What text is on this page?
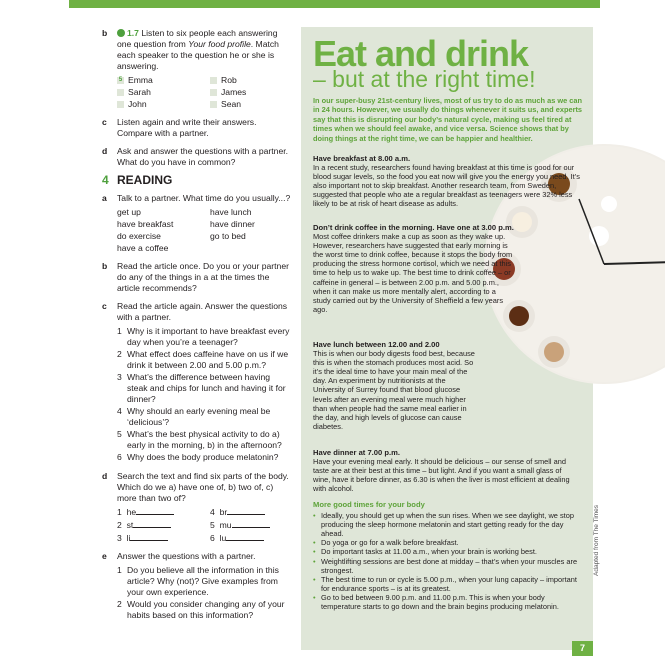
b	1.7 Listen to six people each answering one question from Your food profile. Match each speaker to the question he or she is answering.
5 Emma	Rob
Sarah	James
John	Sean
c	Listen again and write their answers. Compare with a partner.
d	Ask and answer the questions with a partner. What do you have in common?
4 READING
a	Talk to a partner. What time do you usually...?
get up	have lunch
have breakfast	have dinner
do exercise	go to bed
have a coffee
b	Read the article once. Do you or your partner do any of the things in a at the times the article recommends?
c	Read the article again. Answer the questions with a partner.
1 Why is it important to have breakfast every day when you’re a teenager?
2 What effect does caffeine have on us if we drink it between 2.00 and 5.00 p.m.?
3 What’s the difference between having steak and chips for lunch and having it for dinner?
4 Why should an early evening meal be ‘delicious’?
5 What’s the best physical activity to do a) early in the morning, b) in the afternoon?
6 Why does the body produce melatonin?
d	Search the text and find six parts of the body. Which do we a) have one of, b) two of, c) more than two of?
1 he	4 br
2 st	5 mu
3 li	6 lu
e	Answer the questions with a partner.
1 Do you believe all the information in this article? Why (not)? Give examples from your own experience.
2 Would you consider changing any of your habits based on this information?
Eat and drink
– but at the right time!
In our super-busy 21st-century lives, most of us try to do as much as we can in 24 hours. However, we usually do things whenever it suits us, and experts say that this is disrupting our body’s natural cycle, making us feel tired at times when we should feel awake, and vice versa. Science shows that by doing things at the right time, we can be happier and healthier.
Have breakfast at 8.00 a.m.

In a recent study, researchers found having breakfast at this time is good for our blood sugar levels, so the food you eat now will give you the energy you need. It’s also important not to skip breakfast. Another research team, from Sweden, suggested that people who ate a regular breakfast as teenagers were 32% less likely to be at risk of heart disease as adults.

Don’t drink coffee in the morning. Have one at 3.00 p.m.

Most coffee drinkers make a cup as soon as they wake up. However, researchers have suggested that early morning is the worst time to drink coffee, because it stops the body from producing the stress hormone cortisol, which we need at this time to help us to wake up. The best time to drink coffee – or caffeine in general – is between 2.00 p.m. and 5.00 p.m., when it can make us more mentally alert, according to a study carried out by the University of Sheffield a few years ago.

Have lunch between 12.00 and 2.00

This is when our body digests food best, because this is when the stomach produces most acid. So it’s the ideal time to have your main meal of the day. An experiment by nutritionists at the University of Surrey found that blood glucose levels after an evening meal were much higher than when people had the same meal earlier in the day, and high levels of glucose can cause diabetes.

Have dinner at 7.00 p.m.

Have your evening meal early. It should be delicious – our sense of smell and taste are at their best at this time – but light. And if you want a small glass of wine, have it before dinner, as 6.30 is when the liver is most efficient at dealing with alcohol.

More good times for your body
• Ideally, you should get up when the sun rises. When we see daylight, we stop producing the sleep hormone melatonin and start getting ready for the day ahead.
• Do yoga or go for a walk before breakfast.
• Do important tasks at 11.00 a.m., when your brain is working best.
• Weightlifting sessions are best done at midday – that’s when your muscles are strongest.
• The best time to run or cycle is 5.00 p.m., when your lung capacity – important for endurance sports – is at its greatest.
• Go to bed between 9.00 p.m. and 11.00 p.m. This is when your body temperature starts to go down and the brain begins producing melatonin.
Adapted from The Times
7
